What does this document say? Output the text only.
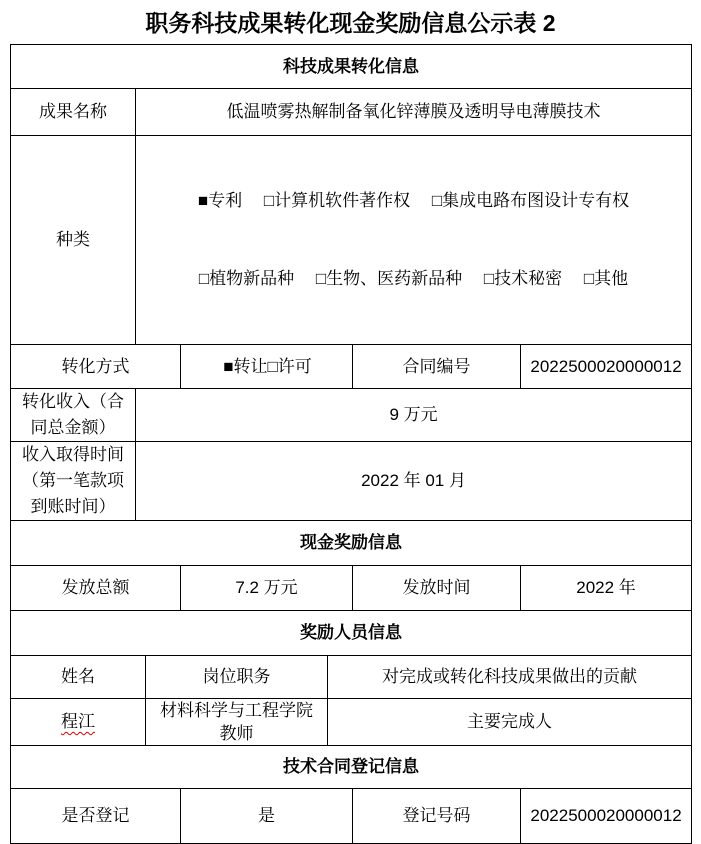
职务科技成果转化现金奖励信息公示表 2
科技成果转化信息						
成果名称	低温喷雾热解制备氧化锌薄膜及透明导电薄膜技术					
种类	■专利　 □计算机软件著作权　 □集成电路布图设计专有权

□植物新品种　 □生物、医药新品种　 □技术秘密　 □其他					

转化方式			■转让□许可		合同编号	2022500020000012
转化收入（合同总金额）	9 万元					
收入取得时间（第一笔款项到账时间）	2022 年 01 月					
现金奖励信息						
发放总额			7.2 万元		发放时间	2022 年
奖励人员信息						
姓名		岗位职务		对完成或转化科技成果做出的贡献		
程江		材料科学与工程学院教师		主要完成人		
技术合同登记信息						
是否登记			是		登记号码	2022500020000012
